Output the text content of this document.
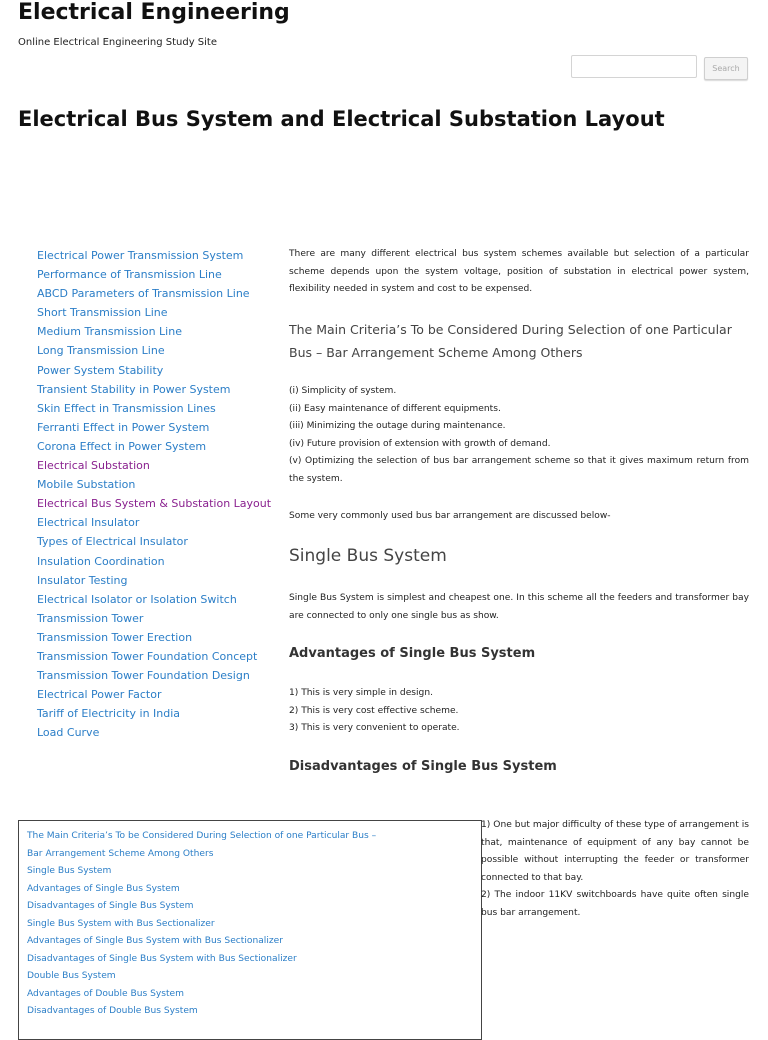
Electrical Engineering
Online Electrical Engineering Study Site
Search
Electrical Bus System and Electrical Substation Layout
Electrical Power Transmission System
Performance of Transmission Line
ABCD Parameters of Transmission Line
Short Transmission Line
Medium Transmission Line
Long Transmission Line
Power System Stability
Transient Stability in Power System
Skin Effect in Transmission Lines
Ferranti Effect in Power System
Corona Effect in Power System
Electrical Substation
Mobile Substation
Electrical Bus System & Substation Layout
Electrical Insulator
Types of Electrical Insulator
Insulation Coordination
Insulator Testing
Electrical Isolator or Isolation Switch
Transmission Tower
Transmission Tower Erection
Transmission Tower Foundation Concept
Transmission Tower Foundation Design
Electrical Power Factor
Tariff of Electricity in India
Load Curve

There are many different electrical bus system schemes available but selection of a particular scheme depends upon the system voltage, position of substation in electrical power system, flexibility needed in system and cost to be expensed.

The Main Criteria’s To be Considered During Selection of one Particular Bus – Bar Arrangement Scheme Among Others
(i) Simplicity of system.
(ii) Easy maintenance of different equipments.
(iii) Minimizing the outage during maintenance.
(iv) Future provision of extension with growth of demand.
(v) Optimizing the selection of bus bar arrangement scheme so that it gives maximum return from the system.

Some very commonly used bus bar arrangement are discussed below-

Single Bus System

Single Bus System is simplest and cheapest one. In this scheme all the feeders and transformer bay are connected to only one single bus as show.

Advantages of Single Bus System
1) This is very simple in design.
2) This is very cost effective scheme.
3) This is very convenient to operate.
Disadvantages of Single Bus System
The Main Criteria’s To be Considered During Selection of one Particular Bus – Bar Arrangement Scheme Among Others
Single Bus System
Advantages of Single Bus System
Disadvantages of Single Bus System
Single Bus System with Bus Sectionalizer
Advantages of Single Bus System with Bus Sectionalizer
Disadvantages of Single Bus System with Bus Sectionalizer
Double Bus System
Advantages of Double Bus System
Disadvantages of Double Bus System

1) One but major difficulty of these type of arrangement is that, maintenance of equipment of any bay cannot be possible without interrupting the feeder or transformer connected to that bay.

2) The indoor 11KV switchboards have quite often single bus bar arrangement.
